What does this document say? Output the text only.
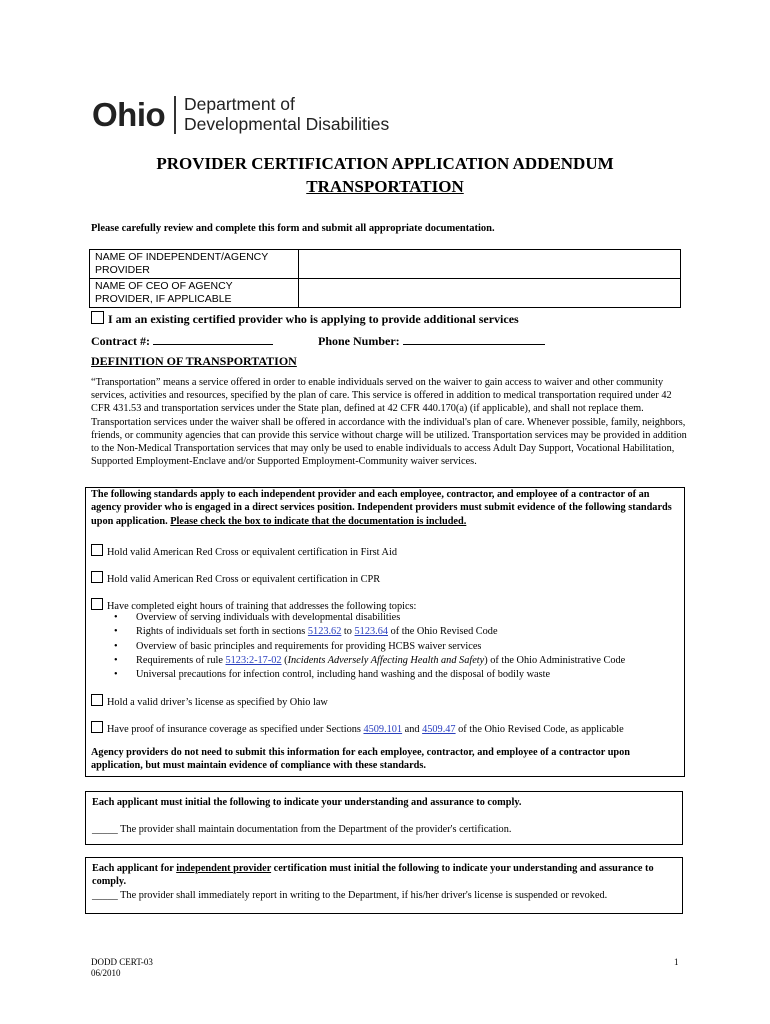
Ohio Department of
Developmental Disabilities
PROVIDER CERTIFICATION APPLICATION ADDENDUM
TRANSPORTATION
Please carefully review and complete this form and submit all appropriate documentation.
NAME OF INDEPENDENT/AGENCY
PROVIDER	
NAME OF CEO OF AGENCY
PROVIDER, IF APPLICABLE	
I am an existing certified provider who is applying to provide additional services
Contract #:	Phone Number:
DEFINITION OF TRANSPORTATION
“Transportation” means a service offered in order to enable individuals served on the waiver to gain access to waiver and other community services, activities and resources, specified by the plan of care. This service is offered in addition to medical transportation required under 42 CFR 431.53 and transportation services under the State plan, defined at 42 CFR 440.170(a) (if applicable), and shall not replace them. Transportation services under the waiver shall be offered in accordance with the individual's plan of care. Whenever possible, family, neighbors, friends, or community agencies that can provide this service without charge will be utilized. Transportation services may be provided in addition to the Non-Medical Transportation services that may only be used to enable individuals to access Adult Day Support, Vocational Habilitation, Supported Employment-Enclave and/or Supported Employment-Community waiver services.
The following standards apply to each independent provider and each employee, contractor, and employee of a contractor of an agency provider who is engaged in a direct services position. Independent providers must submit evidence of the following standards upon application. Please check the box to indicate that the documentation is included.
Hold valid American Red Cross or equivalent certification in First Aid
Hold valid American Red Cross or equivalent certification in CPR
Have completed eight hours of training that addresses the following topics:
• Overview of serving individuals with developmental disabilities
• Rights of individuals set forth in sections 5123.62 to 5123.64 of the Ohio Revised Code
• Overview of basic principles and requirements for providing HCBS waiver services
• Requirements of rule 5123:2-17-02 (Incidents Adversely Affecting Health and Safety) of the Ohio Administrative Code
• Universal precautions for infection control, including hand washing and the disposal of bodily waste
Hold a valid driver’s license as specified by Ohio law
Have proof of insurance coverage as specified under Sections 4509.101 and 4509.47 of the Ohio Revised Code, as applicable
Agency providers do not need to submit this information for each employee, contractor, and employee of a contractor upon application, but must maintain evidence of compliance with these standards.
Each applicant must initial the following to indicate your understanding and assurance to comply.
_____ The provider shall maintain documentation from the Department of the provider's certification.
Each applicant for independent provider certification must initial the following to indicate your understanding and assurance to comply.
_____ The provider shall immediately report in writing to the Department, if his/her driver's license is suspended or revoked.
DODD CERT-03
06/2010
1
